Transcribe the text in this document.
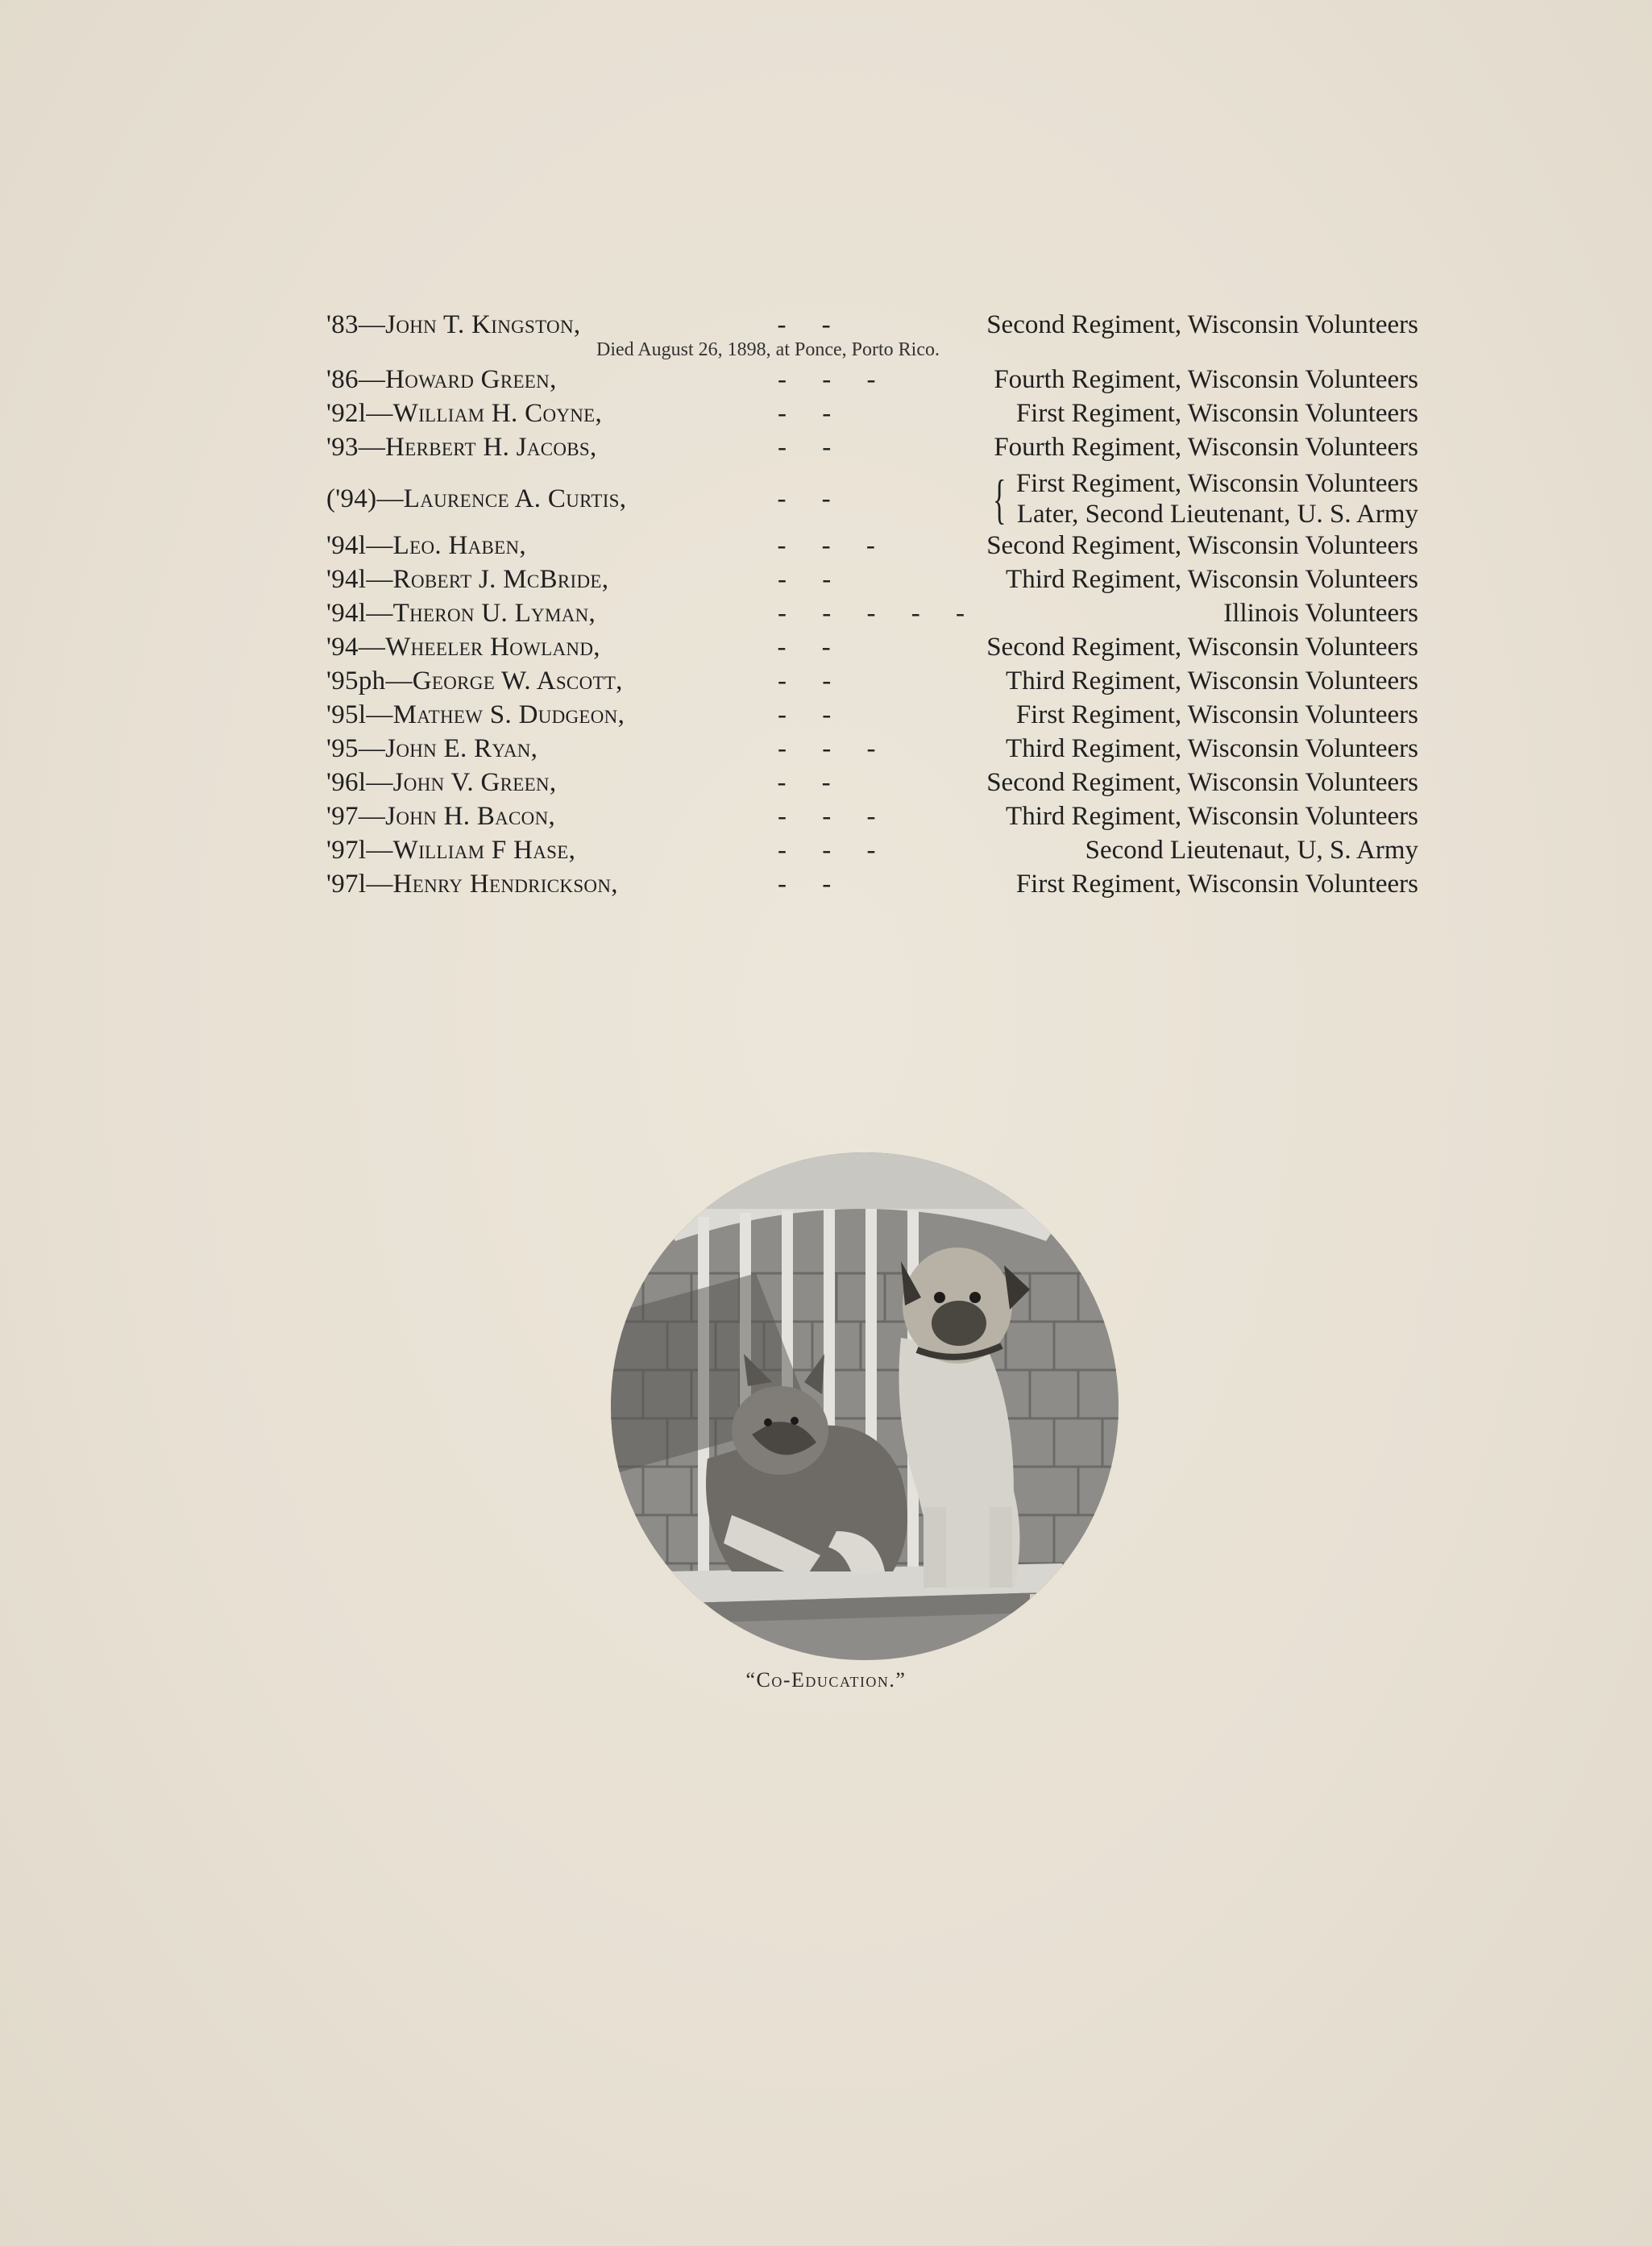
'83—John T. Kingston,	- -	Second Regiment, Wisconsin Volunteers
Died August 26, 1898, at Ponce, Porto Rico.
'86—Howard Green,	- - -	Fourth Regiment, Wisconsin Volunteers
'92l—William H. Coyne,	- -	First Regiment, Wisconsin Volunteers
'93—Herbert H. Jacobs,	- -	Fourth Regiment, Wisconsin Volunteers
('94)—Laurence A. Curtis,	- -	{ First Regiment, Wisconsin Volunteers
Later, Second Lieutenant, U. S. Army
'94l—Leo. Haben,	- - -	Second Regiment, Wisconsin Volunteers
'94l—Robert J. McBride,	- -	Third Regiment, Wisconsin Volunteers
'94l—Theron U. Lyman,	- - - - -	Illinois Volunteers
'94—Wheeler Howland,	- -	Second Regiment, Wisconsin Volunteers
'95ph—George W. Ascott,	- -	Third Regiment, Wisconsin Volunteers
'95l—Mathew S. Dudgeon,	- -	First Regiment, Wisconsin Volunteers
'95—John E. Ryan,	- - -	Third Regiment, Wisconsin Volunteers
'96l—John V. Green,	- -	Second Regiment, Wisconsin Volunteers
'97—John H. Bacon,	- - -	Third Regiment, Wisconsin Volunteers
'97l—William F Hase,	- - -	Second Lieutenaut, U, S. Army
'97l—Henry Hendrickson,	- -	First Regiment, Wisconsin Volunteers
“Co-Education.”
